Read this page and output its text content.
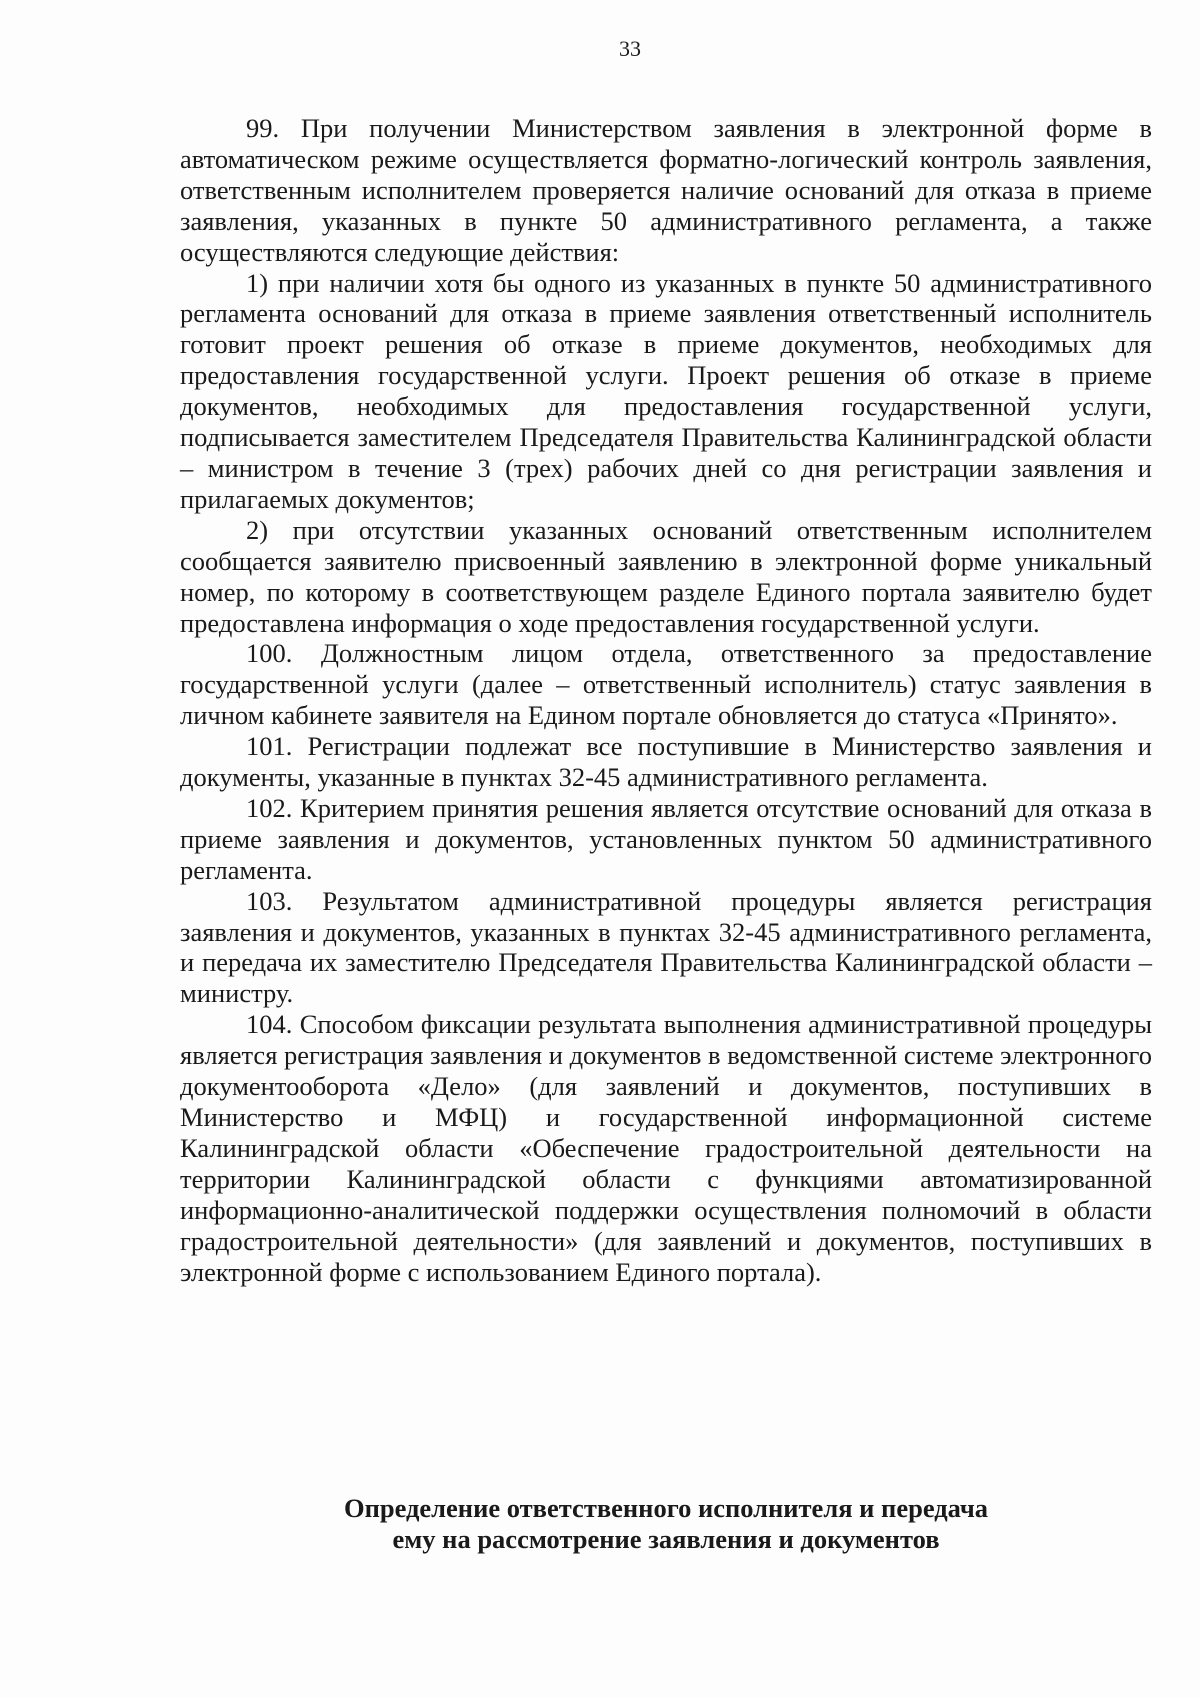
33

99. При получении Министерством заявления в электронной форме в автоматическом режиме осуществляется форматно-логический контроль заявления, ответственным исполнителем проверяется наличие оснований для отказа в приеме заявления, указанных в пункте 50 административного регламента, а также осуществляются следующие действия:

1) при наличии хотя бы одного из указанных в пункте 50 административного регламента оснований для отказа в приеме заявления ответственный исполнитель готовит проект решения об отказе в приеме документов, необходимых для предоставления государственной услуги. Проект решения об отказе в приеме документов, необходимых для предоставления государственной услуги, подписывается заместителем Председателя Правительства Калининградской области – министром в течение 3 (трех) рабочих дней со дня регистрации заявления и прилагаемых документов;

2) при отсутствии указанных оснований ответственным исполнителем сообщается заявителю присвоенный заявлению в электронной форме уникальный номер, по которому в соответствующем разделе Единого портала заявителю будет предоставлена информация о ходе предоставления государственной услуги.

100. Должностным лицом отдела, ответственного за предоставление государственной услуги (далее – ответственный исполнитель) статус заявления в личном кабинете заявителя на Едином портале обновляется до статуса «Принято».

101. Регистрации подлежат все поступившие в Министерство заявления и документы, указанные в пунктах 32-45 административного регламента.

102. Критерием принятия решения является отсутствие оснований для отказа в приеме заявления и документов, установленных пунктом 50 административного регламента.

103. Результатом административной процедуры является регистрация заявления и документов, указанных в пунктах 32-45 административного регламента, и передача их заместителю Председателя Правительства Калининградской области – министру.

104. Способом фиксации результата выполнения административной процедуры является регистрация заявления и документов в ведомственной системе электронного документооборота «Дело» (для заявлений и документов, поступивших в Министерство и МФЦ) и государственной информационной системе Калининградской области «Обеспечение градостроительной деятельности на территории Калининградской области с функциями автоматизированной информационно-аналитической поддержки осуществления полномочий в области градостроительной деятельности» (для заявлений и документов, поступивших в электронной форме с использованием Единого портала).

Определение ответственного исполнителя и передача
ему на рассмотрение заявления и документов
